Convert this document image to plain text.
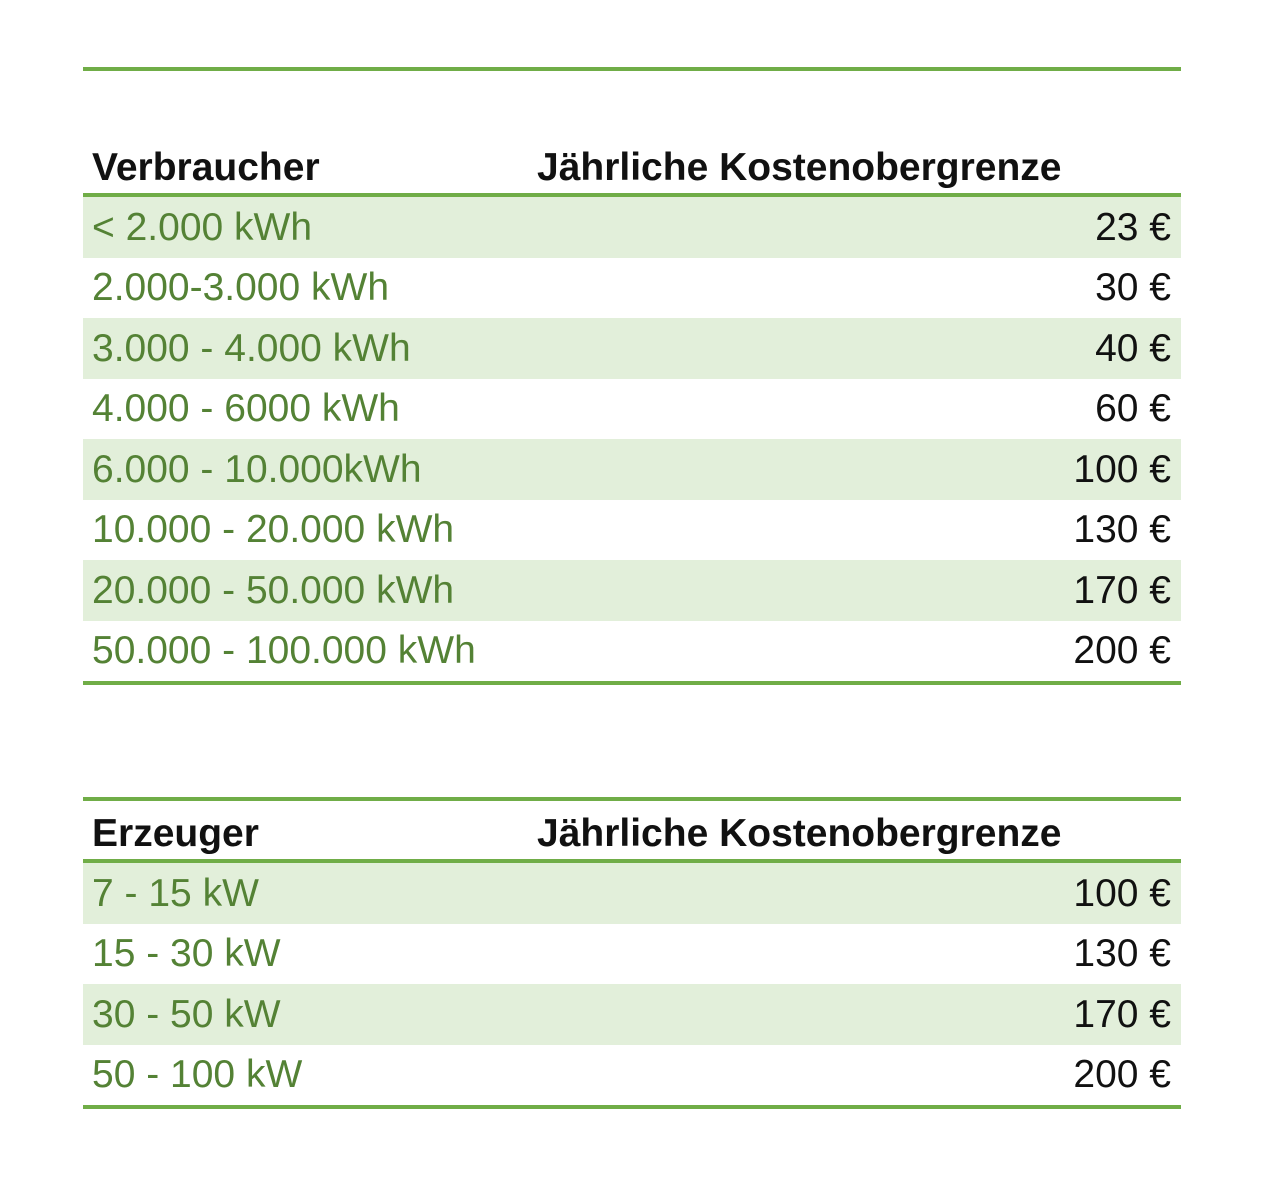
Verbraucher	Jährliche Kostenobergrenze
< 2.000 kWh	23 €
2.000-3.000 kWh	30 €
3.000 - 4.000 kWh	40 €
4.000 - 6000 kWh	60 €
6.000 - 10.000kWh	100 €
10.000 - 20.000 kWh	130 €
20.000 - 50.000 kWh	170 €
50.000 - 100.000 kWh	200 €
Erzeuger	Jährliche Kostenobergrenze
7 - 15 kW	100 €
15 - 30 kW	130 €
30 - 50 kW	170 €
50 - 100 kW	200 €
